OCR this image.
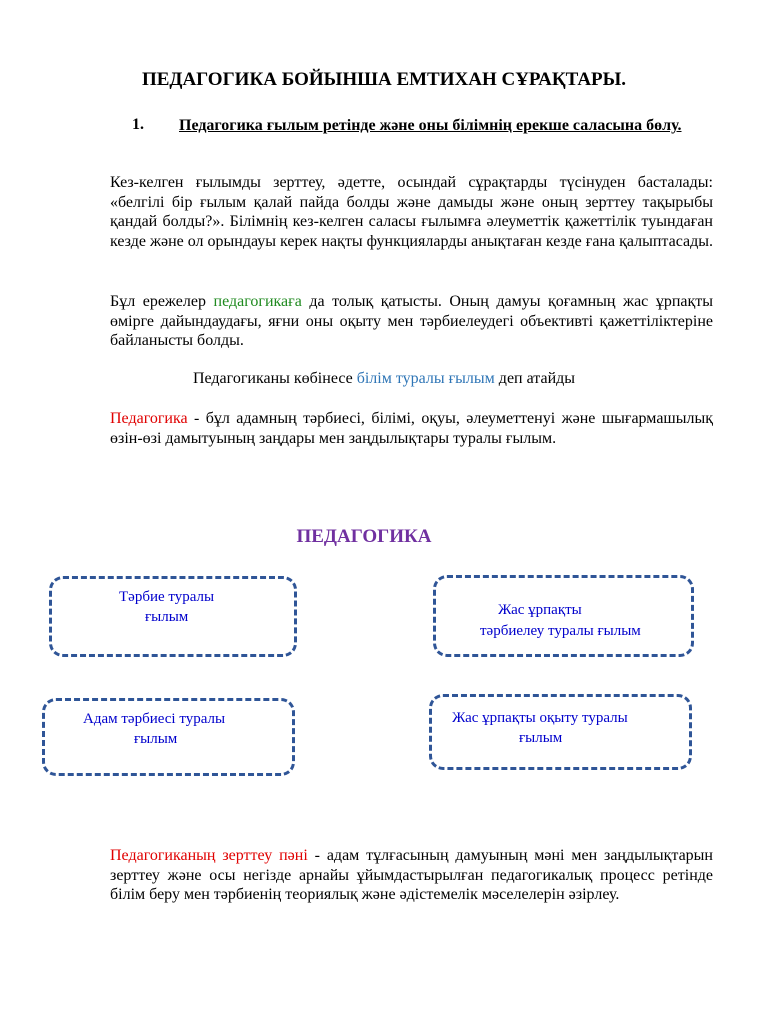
ПЕДАГОГИКА БОЙЫНША ЕМТИХАН СҰРАҚТАРЫ.
1. Педагогика ғылым ретінде және оны білімнің ерекше саласына бөлу.
Кез-келген ғылымды зерттеу, әдетте, осындай сұрақтарды түсінуден басталады: «белгілі бір ғылым қалай пайда болды және дамыды және оның зерттеу тақырыбы қандай болды?». Білімнің кез-келген саласы ғылымға әлеуметтік қажеттілік туындаған кезде және ол орындауы керек нақты функцияларды анықтаған кезде ғана қалыптасады.
Бұл ережелер педагогикаға да толық қатысты. Оның дамуы қоғамның жас ұрпақты өмірге дайындаудағы, яғни оны оқыту мен тәрбиелеудегі объективті қажеттіліктеріне байланысты болды.
Педагогиканы көбінесе білім туралы ғылым деп атайды
Педагогика - бұл адамның тәрбиесі, білімі, оқуы, әлеуметтенуі және шығармашылық өзін-өзі дамытуының заңдары мен заңдылықтары туралы ғылым.
ПЕДАГОГИКА
Тәрбие туралы
ғылым	Жас ұрпақты
тәрбиелеу туралы ғылым
Адам тәрбиесі туралы
ғылым
Жас ұрпақты оқыту туралы
ғылым
Педагогиканың зерттеу пәні - адам тұлғасының дамуының мәні мен заңдылықтарын зерттеу және осы негізде арнайы ұйымдастырылған педагогикалық процесс ретінде білім беру мен тәрбиенің теориялық және әдістемелік мәселелерін әзірлеу.
